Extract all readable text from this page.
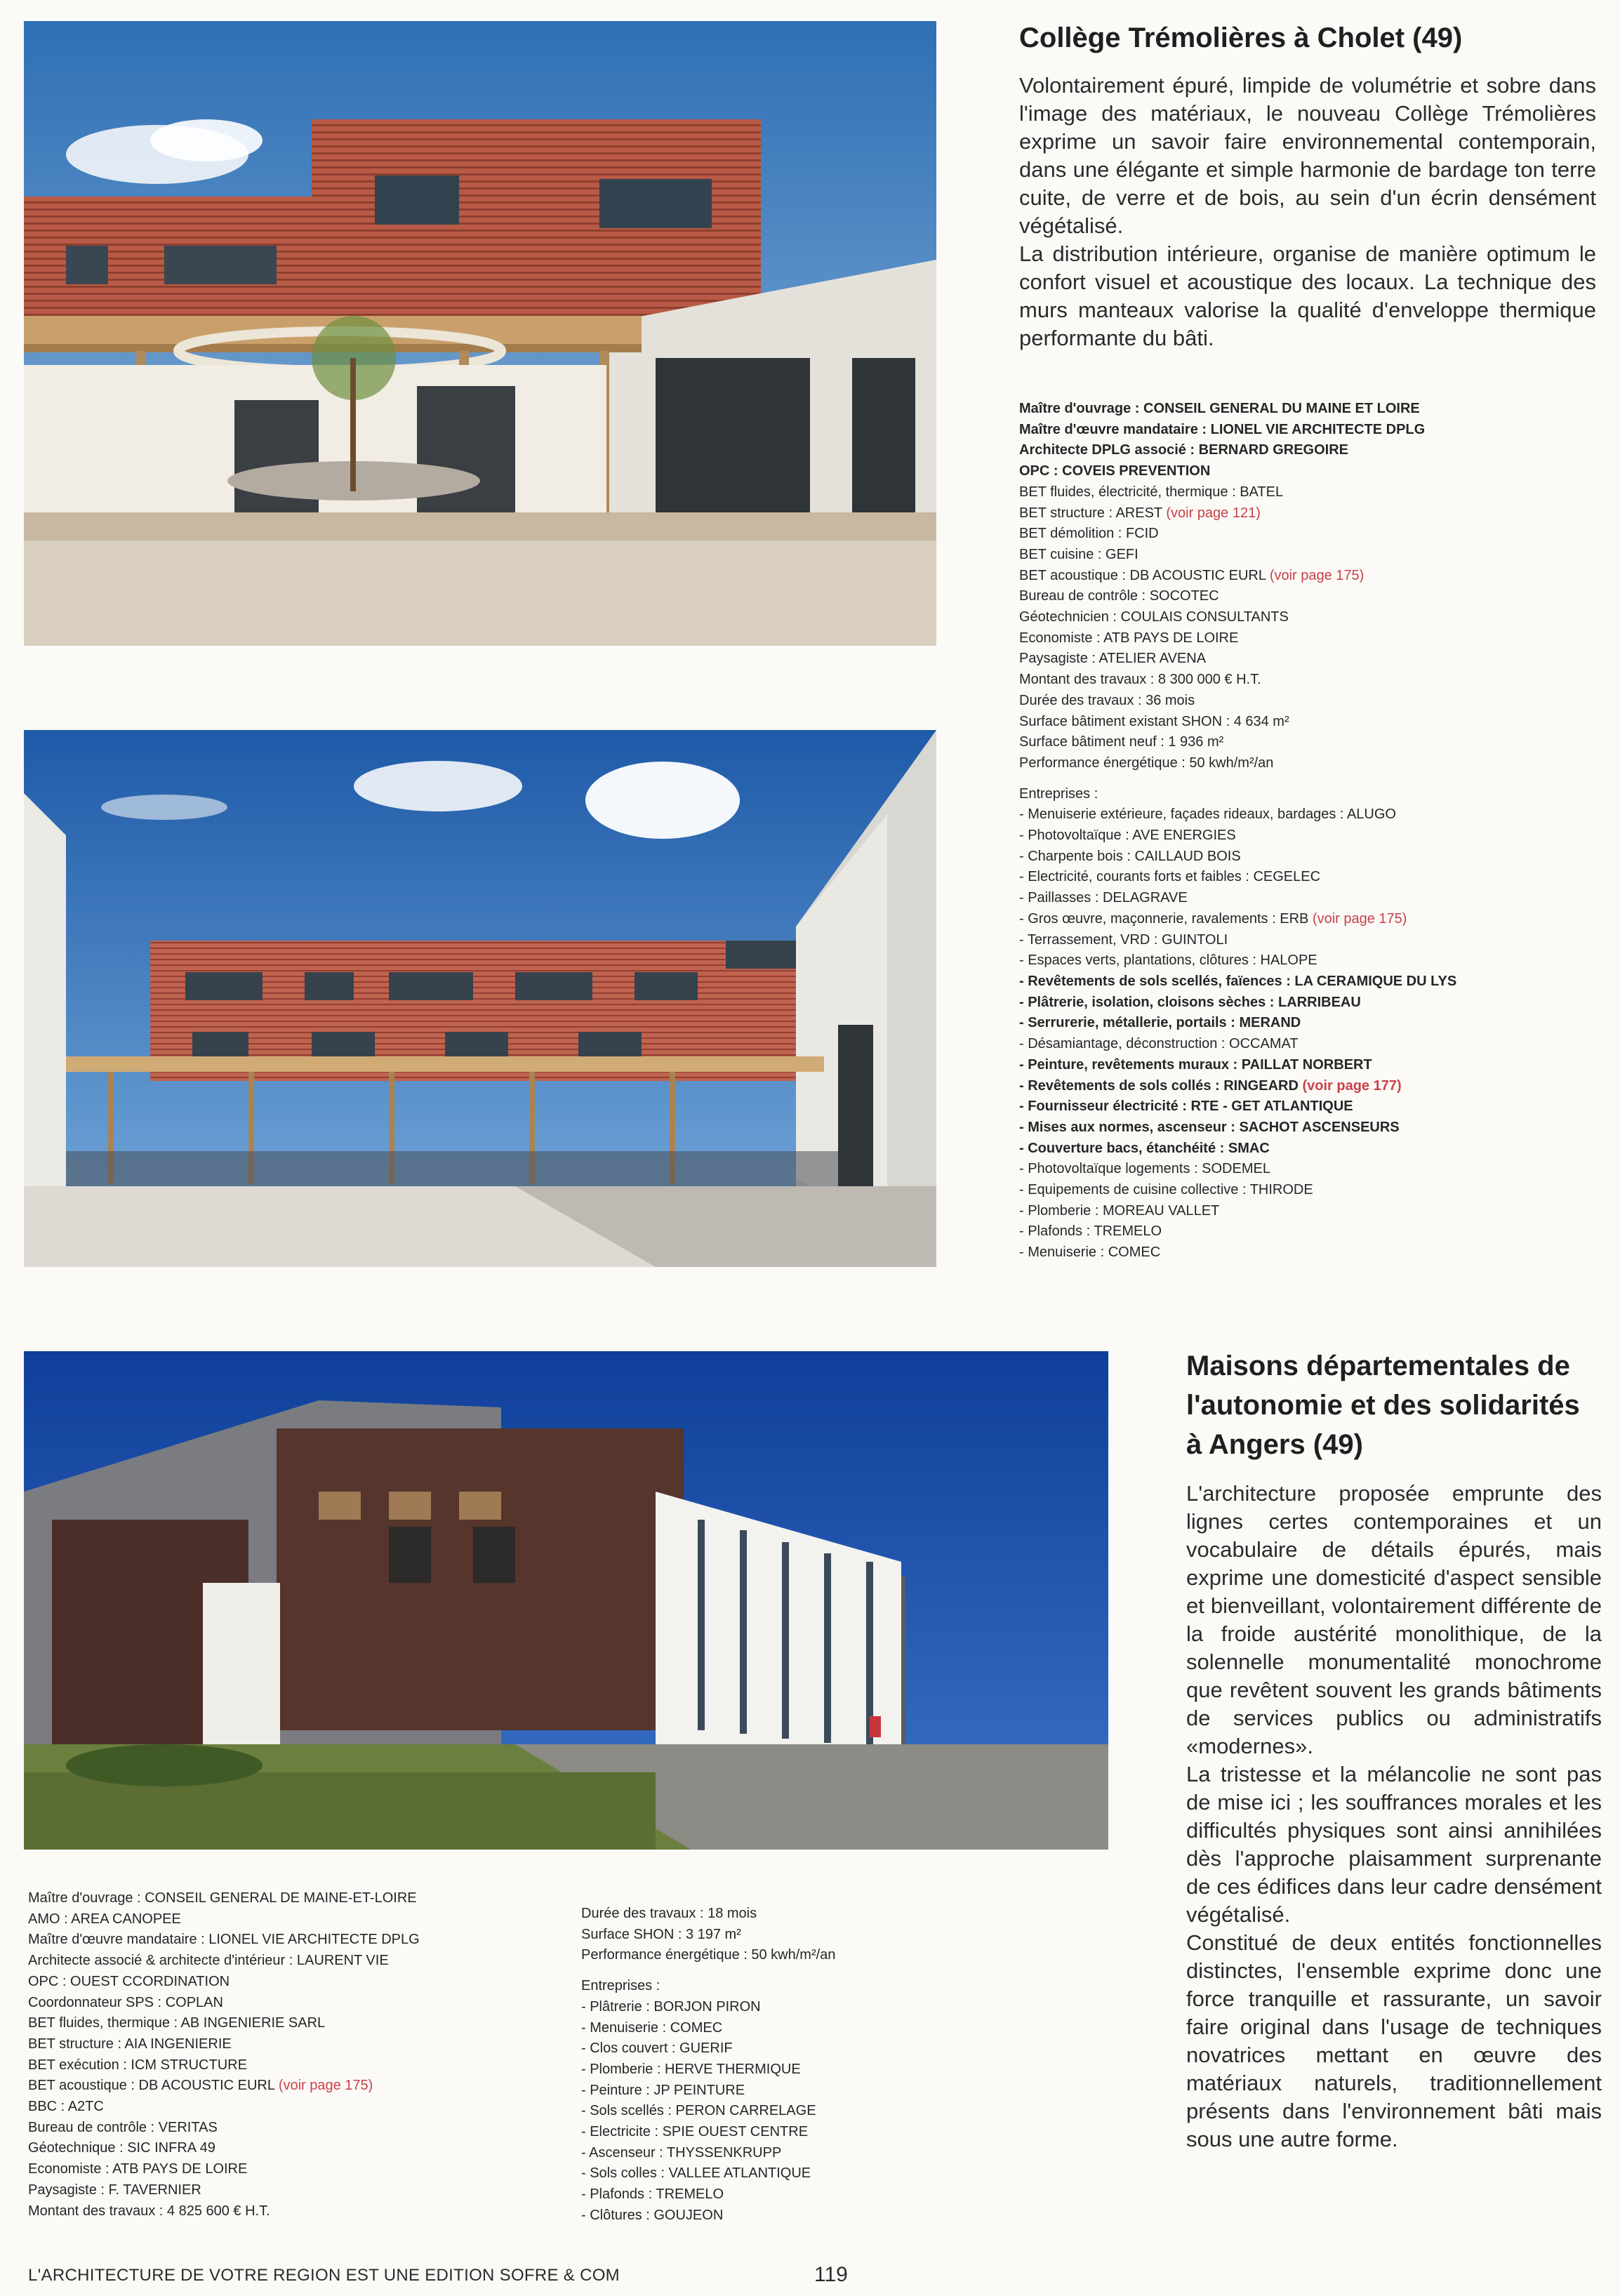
Collège Trémolières à Cholet (49)

Volontairement épuré, limpide de volumétrie et sobre dans l'image des matériaux, le nouveau Collège Trémolières exprime un savoir faire environnemental contemporain, dans une élégante et simple harmonie de bardage ton terre cuite, de verre et de bois, au sein d'un écrin densément végétalisé.

La distribution intérieure, organise de manière optimum le confort visuel et acoustique des locaux. La technique des murs manteaux valorise la qualité d'enveloppe thermique performante du bâti.

Maître d'ouvrage : CONSEIL GENERAL DU MAINE ET LOIRE
Maître d'œuvre mandataire : LIONEL VIE ARCHITECTE DPLG
Architecte DPLG associé : BERNARD GREGOIRE
OPC : COVEIS PREVENTION
BET fluides, électricité, thermique : BATEL
BET structure : AREST (voir page 121)
BET démolition : FCID
BET cuisine : GEFI
BET acoustique : DB ACOUSTIC EURL (voir page 175)
Bureau de contrôle : SOCOTEC
Géotechnicien : COULAIS CONSULTANTS
Economiste : ATB PAYS DE LOIRE
Paysagiste : ATELIER AVENA
Montant des travaux : 8 300 000 € H.T.
Durée des travaux : 36 mois
Surface bâtiment existant SHON : 4 634 m²
Surface bâtiment neuf : 1 936 m²
Performance énergétique : 50 kwh/m²/an
Entreprises :
- Menuiserie extérieure, façades rideaux, bardages : ALUGO
- Photovoltaïque : AVE ENERGIES
- Charpente bois : CAILLAUD BOIS
- Electricité, courants forts et faibles : CEGELEC
- Paillasses : DELAGRAVE
- Gros œuvre, maçonnerie, ravalements : ERB (voir page 175)
- Terrassement, VRD : GUINTOLI
- Espaces verts, plantations, clôtures : HALOPE
- Revêtements de sols scellés, faïences : LA CERAMIQUE DU LYS
- Plâtrerie, isolation, cloisons sèches : LARRIBEAU
- Serrurerie, métallerie, portails : MERAND
- Désamiantage, déconstruction : OCCAMAT
- Peinture, revêtements muraux : PAILLAT NORBERT
- Revêtements de sols collés : RINGEARD (voir page 177)
- Fournisseur électricité : RTE - GET ATLANTIQUE
- Mises aux normes, ascenseur : SACHOT ASCENSEURS
- Couverture bacs, étanchéité : SMAC
- Photovoltaïque logements : SODEMEL
- Equipements de cuisine collective : THIRODE
- Plomberie : MOREAU VALLET
- Plafonds : TREMELO
- Menuiserie : COMEC
Maisons départementales de
l'autonomie et des solidarités
à Angers (49)

L'architecture proposée emprunte des lignes certes contemporaines et un vocabulaire de détails épurés, mais exprime une domesticité d'aspect sensible et bienveillant, volontairement différente de la froide austérité monolithique, de la solennelle monumentalité monochrome que revêtent souvent les grands bâtiments de services publics ou administratifs «modernes».

La tristesse et la mélancolie ne sont pas de mise ici ; les souffrances morales et les difficultés physiques sont ainsi annihilées dès l'approche plaisamment surprenante de ces édifices dans leur cadre densément végétalisé.

Constitué de deux entités fonctionnelles distinctes, l'ensemble exprime donc une force tranquille et rassurante, un savoir faire original dans l'usage de techniques novatrices mettant en œuvre des matériaux naturels, traditionnellement présents dans l'environnement bâti mais sous une autre forme.

Maître d'ouvrage : CONSEIL GENERAL DE MAINE-ET-LOIRE
AMO : AREA CANOPEE
Maître d'œuvre mandataire : LIONEL VIE ARCHITECTE DPLG
Architecte associé & architecte d'intérieur : LAURENT VIE
OPC : OUEST CCORDINATION
Coordonnateur SPS : COPLAN
BET fluides, thermique : AB INGENIERIE SARL
BET structure : AIA INGENIERIE
BET exécution : ICM STRUCTURE
BET acoustique : DB ACOUSTIC EURL (voir page 175)
BBC : A2TC
Bureau de contrôle : VERITAS
Géotechnique : SIC INFRA 49
Economiste : ATB PAYS DE LOIRE
Paysagiste : F. TAVERNIER
Montant des travaux : 4 825 600 € H.T.
Durée des travaux : 18 mois
Surface SHON : 3 197 m²
Performance énergétique : 50 kwh/m²/an
Entreprises :
- Plâtrerie : BORJON PIRON
- Menuiserie : COMEC
- Clos couvert : GUERIF
- Plomberie : HERVE THERMIQUE
- Peinture : JP PEINTURE
- Sols scellés : PERON CARRELAGE
- Electricite : SPIE OUEST CENTRE
- Ascenseur : THYSSENKRUPP
- Sols colles : VALLEE ATLANTIQUE
- Plafonds : TREMELO
- Clôtures : GOUJEON
L'ARCHITECTURE DE VOTRE REGION EST UNE EDITION SOFRE & COM	119
